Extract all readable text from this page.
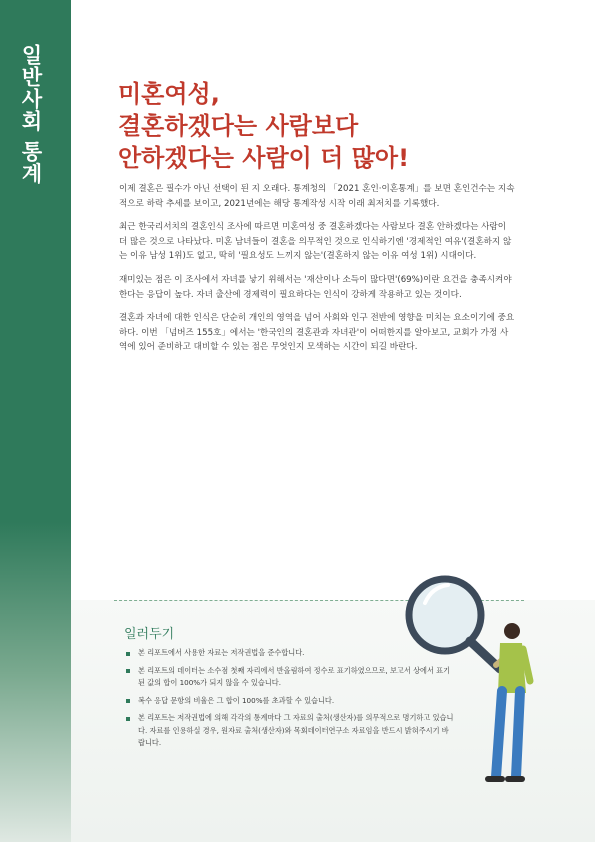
일반사회 통계	미혼여성,
결혼하겠다는 사람보다
안하겠다는 사람이 더 많아!

이제 결혼은 필수가 아닌 선택이 된 지 오래다. 통계청의 「2021 혼인·이혼통계」를 보면 혼인건수는 지속적으로 하락 추세를 보이고, 2021년에는 해당 통계작성 시작 이래 최저치를 기록했다.

최근 한국리서치의 결혼인식 조사에 따르면 미혼여성 중 결혼하겠다는 사람보다 결혼 안하겠다는 사람이 더 많은 것으로 나타났다. 미혼 남녀들이 결혼을 의무적인 것으로 인식하기엔 '경제적인 여유'(결혼하지 않는 이유 남성 1위)도 없고, 딱히 '필요성도 느끼지 않는'(결혼하지 않는 이유 여성 1위) 시대이다.

재미있는 점은 이 조사에서 자녀를 낳기 위해서는 '재산이나 소득이 많다면'(69%)이란 요건을 충족시켜야 한다는 응답이 높다. 자녀 출산에 경제력이 필요하다는 인식이 강하게 작용하고 있는 것이다.

결혼과 자녀에 대한 인식은 단순히 개인의 영역을 넘어 사회와 인구 전반에 영향을 미치는 요소이기에 중요하다. 이번 「넘버즈 155호」에서는 '한국인의 결혼관과 자녀관'이 어떠한지를 알아보고, 교회가 가정 사역에 있어 준비하고 대비할 수 있는 점은 무엇인지 모색하는 시간이 되길 바란다.

일러두기
본 리포트에서 사용한 자료는 저작권법을 준수합니다.
본 리포트의 데이터는 소수점 첫째 자리에서 반올림하여 정수로 표기하였으므로, 보고서 상에서 표기된 값의 합이 100%가 되지 않을 수 있습니다.
복수 응답 문항의 비율은 그 합이 100%를 초과할 수 있습니다.
본 리포트는 저작권법에 의해 각각의 통계마다 그 자료의 출처(생산자)를 의무적으로 명기하고 있습니다. 자료를 인용하실 경우, 원자료 출처(생산자)와 목회데이터연구소 자료임을 반드시 밝혀주시기 바랍니다.
